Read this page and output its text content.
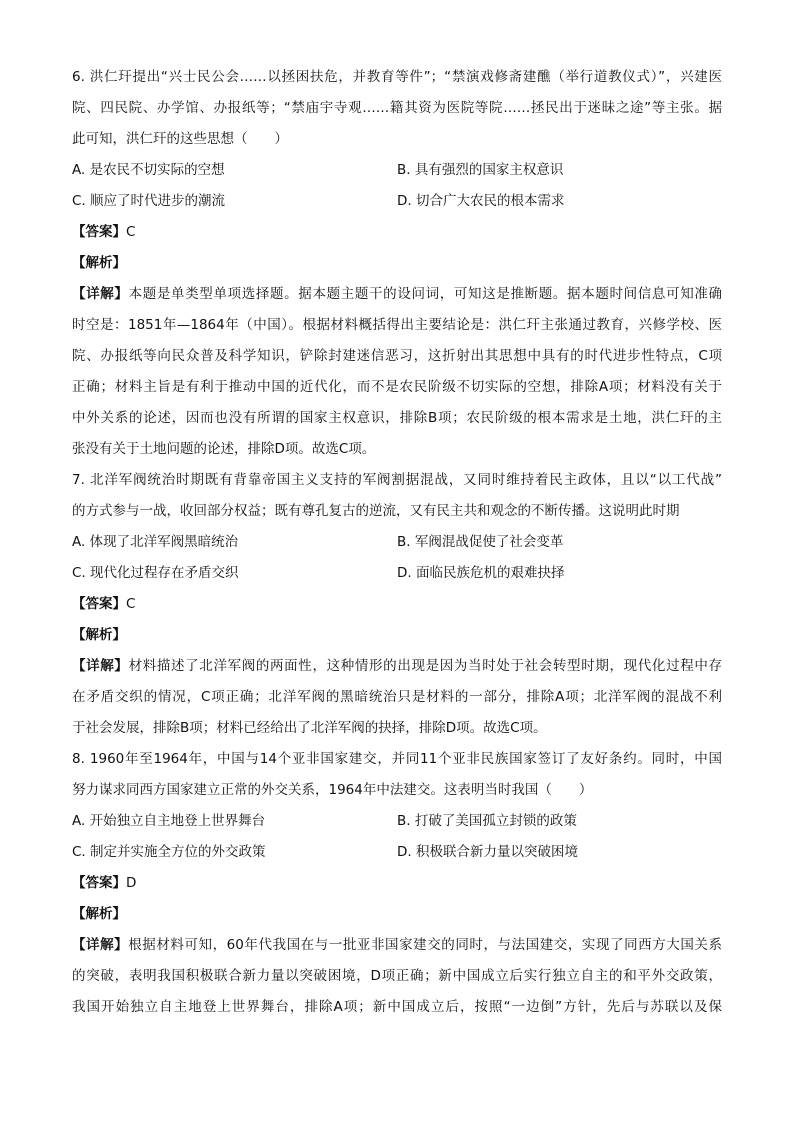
6. 洪仁玕提出“兴士民公会……以拯困扶危，并教育等件”；“禁演戏修斋建醮（举行道教仪式）”，兴建医
院、四民院、办学馆、办报纸等；“禁庙宇寺观……籍其资为医院等院……拯民出于迷昧之途”等主张。据
此可知，洪仁玕的这些思想（　　）
A. 是农民不切实际的空想	B. 具有强烈的国家主权意识
C. 顺应了时代进步的潮流	D. 切合广大农民的根本需求
【答案】C
【解析】
【详解】本题是单类型单项选择题。据本题主题干的设问词，可知这是推断题。据本题时间信息可知准确
时空是：1851年—1864年（中国）。根据材料概括得出主要结论是：洪仁玕主张通过教育，兴修学校、医
院、办报纸等向民众普及科学知识，铲除封建迷信恶习，这折射出其思想中具有的时代进步性特点，C项
正确；材料主旨是有利于推动中国的近代化，而不是农民阶级不切实际的空想，排除A项；材料没有关于
中外关系的论述，因而也没有所谓的国家主权意识，排除B项；农民阶级的根本需求是土地，洪仁玕的主
张没有关于土地问题的论述，排除D项。故选C项。
7. 北洋军阀统治时期既有背靠帝国主义支持的军阀割据混战，又同时维持着民主政体，且以“以工代战”
的方式参与一战，收回部分权益；既有尊孔复古的逆流，又有民主共和观念的不断传播。这说明此时期
A. 体现了北洋军阀黑暗统治	B. 军阀混战促使了社会变革
C. 现代化过程存在矛盾交织	D. 面临民族危机的艰难抉择
【答案】C
【解析】
【详解】材料描述了北洋军阀的两面性，这种情形的出现是因为当时处于社会转型时期，现代化过程中存
在矛盾交织的情况，C项正确；北洋军阀的黑暗统治只是材料的一部分，排除A项；北洋军阀的混战不利
于社会发展，排除B项；材料已经给出了北洋军阀的抉择，排除D项。故选C项。
8. 1960年至1964年，中国与14个亚非国家建交，并同11个亚非民族国家签订了友好条约。同时，中国
努力谋求同西方国家建立正常的外交关系，1964年中法建交。这表明当时我国（　　）
A. 开始独立自主地登上世界舞台	B. 打破了美国孤立封锁的政策
C. 制定并实施全方位的外交政策	D. 积极联合新力量以突破困境
【答案】D
【解析】
【详解】根据材料可知，60年代我国在与一批亚非国家建交的同时，与法国建交，实现了同西方大国关系
的突破，表明我国积极联合新力量以突破困境，D项正确；新中国成立后实行独立自主的和平外交政策，
我国开始独立自主地登上世界舞台，排除A项；新中国成立后，按照“一边倒”方针，先后与苏联以及保
